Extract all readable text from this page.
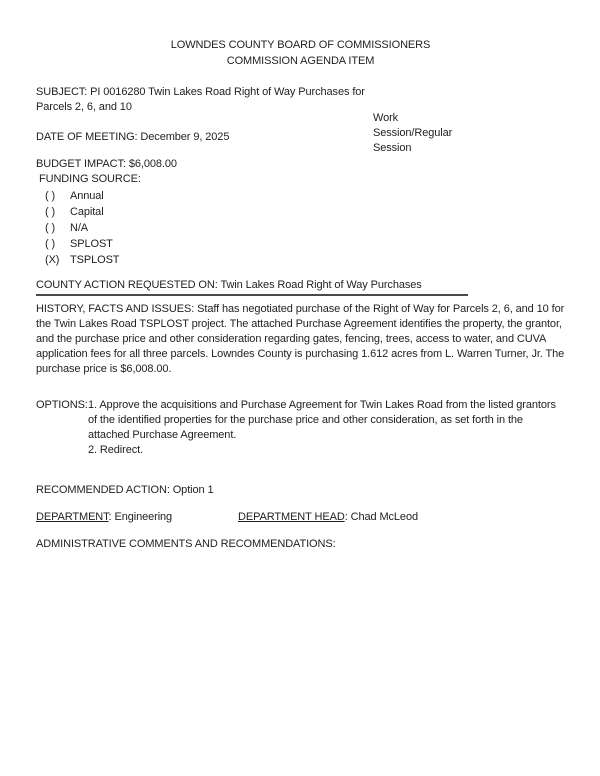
LOWNDES COUNTY BOARD OF COMMISSIONERS
COMMISSION AGENDA ITEM
SUBJECT: PI 0016280 Twin Lakes Road Right of Way Purchases for
Parcels 2, 6, and 10
Work
Session/Regular
Session
DATE OF MEETING: December 9, 2025
BUDGET IMPACT: $6,008.00
FUNDING SOURCE:
( )	Annual
( )	Capital
( )	N/A
( )	SPLOST
(X) TSPLOST
COUNTY ACTION REQUESTED ON: Twin Lakes Road Right of Way Purchases
HISTORY, FACTS AND ISSUES: Staff has negotiated purchase of the Right of Way for Parcels 2, 6, and 10 for the Twin Lakes Road TSPLOST project. The attached Purchase Agreement identifies the property, the grantor, and the purchase price and other consideration regarding gates, fencing, trees, access to water, and CUVA application fees for all three parcels. Lowndes County is purchasing 1.612 acres from L. Warren Turner, Jr. The purchase price is $6,008.00.
OPTIONS: 1. Approve the acquisitions and Purchase Agreement for Twin Lakes Road from the listed grantors of the identified properties for the purchase price and other consideration, as set forth in the attached Purchase Agreement.
2. Redirect.
RECOMMENDED ACTION: Option 1
DEPARTMENT: Engineering	DEPARTMENT HEAD: Chad McLeod
ADMINISTRATIVE COMMENTS AND RECOMMENDATIONS:
